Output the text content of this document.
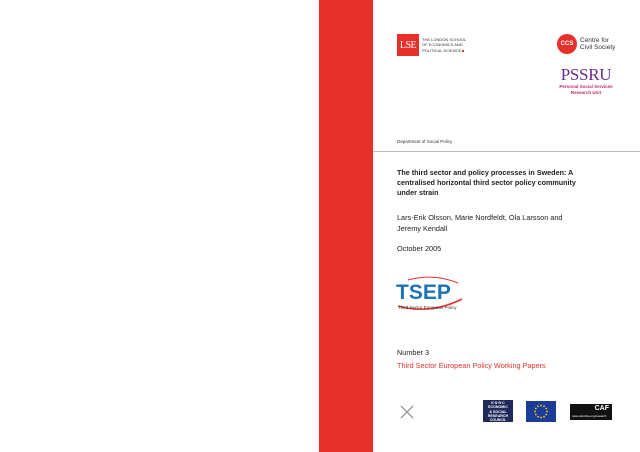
LSE
THE LONDON SCHOOL
OF ECONOMICS AND
POLITICAL SCIENCE
CCS
Centre for
Civil Society
PSSRU
Personal Social Services
Research Unit
Department of Social Policy
The third sector and policy processes in Sweden: A centralised horizontal third sector policy community under strain
Lars-Erik Olsson, Marie Nordfeldt, Ola Larsson and Jeremy Kendall
October 2005
TSEP
Third Sector European Policy
Number 3
Third Sector European Policy Working Papers
E·S·R·C
ECONOMIC
& SOCIAL
RESEARCH
COUNCIL
CAF
www.cafonline.org/research
